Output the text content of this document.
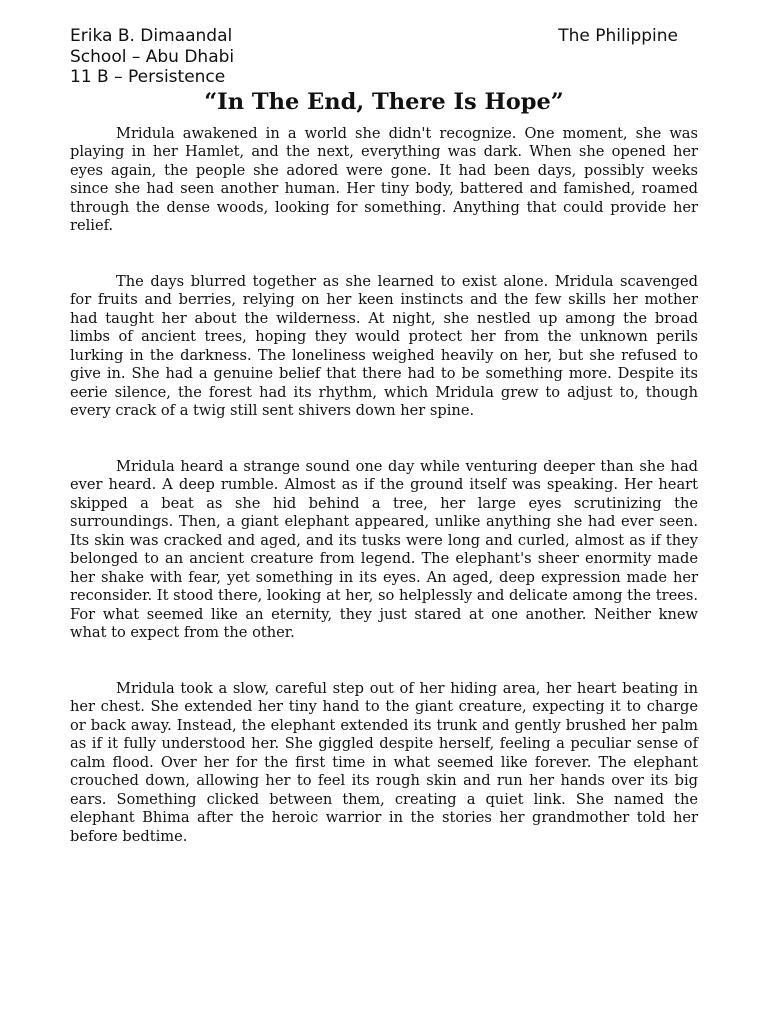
Erika B. Dimaandal	The Philippine
School – Abu Dhabi
11 B – Persistence
“In The End, There Is Hope”

Mridula awakened in a world she didn't recognize. One moment, she was playing in her Hamlet, and the next, everything was dark. When she opened her eyes again, the people she adored were gone. It had been days, possibly weeks since she had seen another human. Her tiny body, battered and famished, roamed through the dense woods, looking for something. Anything that could provide her relief.

The days blurred together as she learned to exist alone. Mridula scavenged for fruits and berries, relying on her keen instincts and the few skills her mother had taught her about the wilderness. At night, she nestled up among the broad limbs of ancient trees, hoping they would protect her from the unknown perils lurking in the darkness. The loneliness weighed heavily on her, but she refused to give in. She had a genuine belief that there had to be something more. Despite its eerie silence, the forest had its rhythm, which Mridula grew to adjust to, though every crack of a twig still sent shivers down her spine.

Mridula heard a strange sound one day while venturing deeper than she had ever heard. A deep rumble. Almost as if the ground itself was speaking. Her heart skipped a beat as she hid behind a tree, her large eyes scrutinizing the surroundings. Then, a giant elephant appeared, unlike anything she had ever seen. Its skin was cracked and aged, and its tusks were long and curled, almost as if they belonged to an ancient creature from legend. The elephant's sheer enormity made her shake with fear, yet something in its eyes. An aged, deep expression made her reconsider. It stood there, looking at her, so helplessly and delicate among the trees. For what seemed like an eternity, they just stared at one another. Neither knew what to expect from the other.

Mridula took a slow, careful step out of her hiding area, her heart beating in her chest. She extended her tiny hand to the giant creature, expecting it to charge or back away. Instead, the elephant extended its trunk and gently brushed her palm as if it fully understood her. She giggled despite herself, feeling a peculiar sense of calm flood. Over her for the first time in what seemed like forever. The elephant crouched down, allowing her to feel its rough skin and run her hands over its big ears. Something clicked between them, creating a quiet link. She named the elephant Bhima after the heroic warrior in the stories her grandmother told her before bedtime.
